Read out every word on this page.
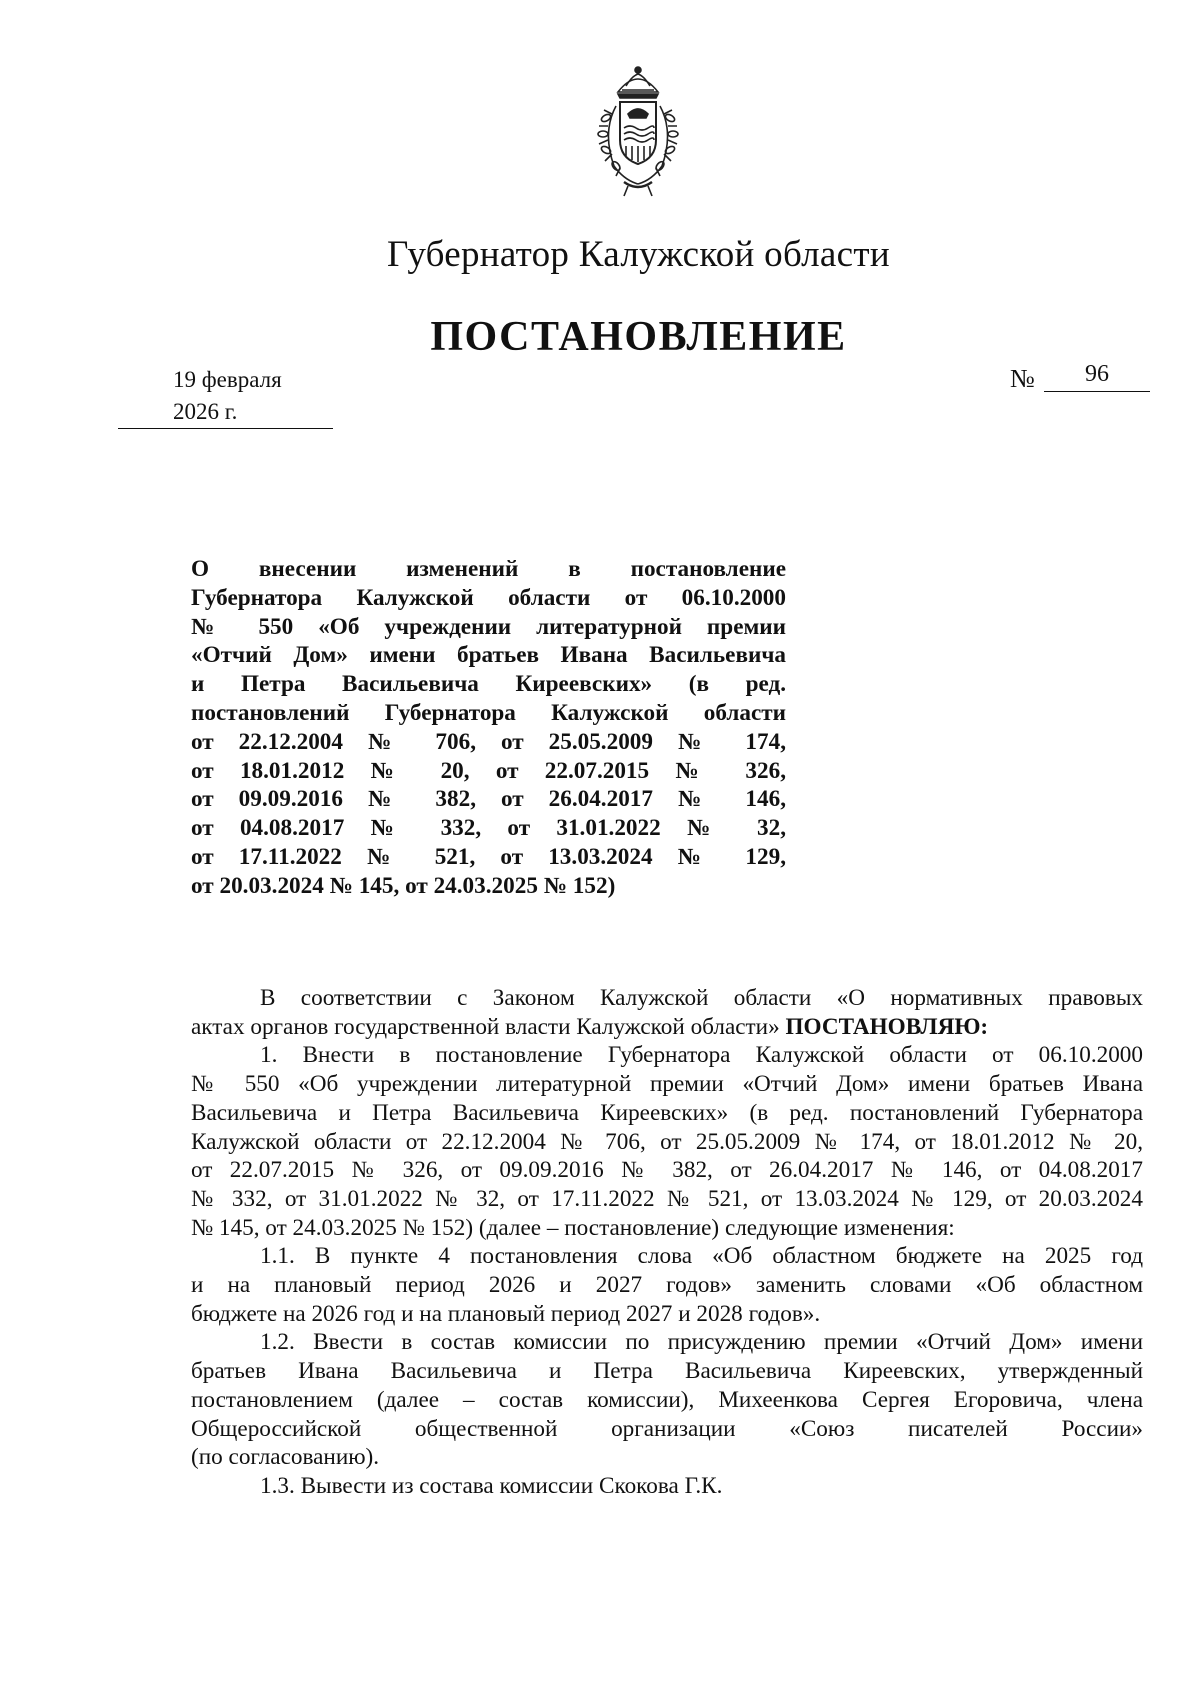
Губернатор Калужской области
ПОСТАНОВЛЕНИЕ
19 февраля 2026 г.
№ 96
О внесении изменений в постановление
Губернатора Калужской области от 06.10.2000
№ 550 «Об учреждении литературной премии
«Отчий Дом» имени братьев Ивана Васильевича
и Петра Васильевича Киреевских» (в ред.
постановлений Губернатора Калужской области
от 22.12.2004 № 706, от 25.05.2009 № 174,
от 18.01.2012 № 20, от 22.07.2015 № 326,
от 09.09.2016 № 382, от 26.04.2017 № 146,
от 04.08.2017 № 332, от 31.01.2022 № 32,
от 17.11.2022 № 521, от 13.03.2024 № 129,
от 20.03.2024 № 145, от 24.03.2025 № 152)
В соответствии с Законом Калужской области «О нормативных правовых
актах органов государственной власти Калужской области» ПОСТАНОВЛЯЮ:
1. Внести в постановление Губернатора Калужской области от 06.10.2000
№ 550 «Об учреждении литературной премии «Отчий Дом» имени братьев Ивана
Васильевича и Петра Васильевича Киреевских» (в ред. постановлений Губернатора
Калужской области от 22.12.2004 № 706, от 25.05.2009 № 174, от 18.01.2012 № 20,
от 22.07.2015 № 326, от 09.09.2016 № 382, от 26.04.2017 № 146, от 04.08.2017
№ 332, от 31.01.2022 № 32, от 17.11.2022 № 521, от 13.03.2024 № 129, от 20.03.2024
№ 145, от 24.03.2025 № 152) (далее – постановление) следующие изменения:
1.1. В пункте 4 постановления слова «Об областном бюджете на 2025 год
и на плановый период 2026 и 2027 годов» заменить словами «Об областном
бюджете на 2026 год и на плановый период 2027 и 2028 годов».
1.2. Ввести в состав комиссии по присуждению премии «Отчий Дом» имени
братьев Ивана Васильевича и Петра Васильевича Киреевских, утвержденный
постановлением (далее – состав комиссии), Михеенкова Сергея Егоровича, члена
Общероссийской общественной организации «Союз писателей России»
(по согласованию).
1.3. Вывести из состава комиссии Скокова Г.К.
